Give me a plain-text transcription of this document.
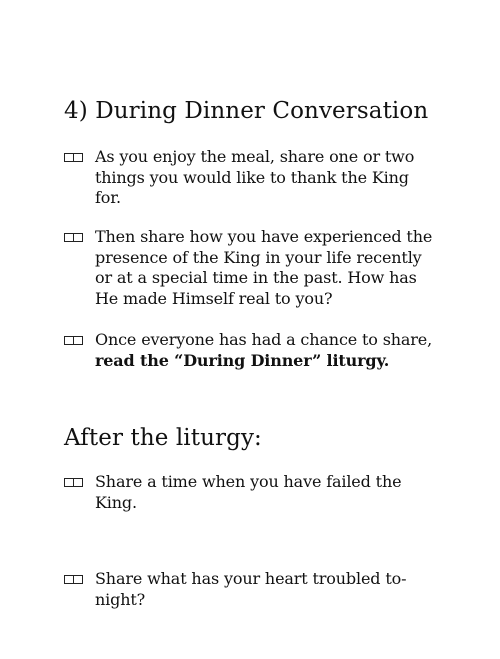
4) During Dinner Conversation

As you enjoy the meal, share one or two
things you would like to thank the King
for.

Then share how you have experienced the
presence of the King in your life recently
or at a special time in the past. How has
He made Himself real to you?

Once everyone has had a chance to share,
read the “During Dinner” liturgy.

After the liturgy:

Share a time when you have failed the
King.

Share what has your heart troubled to-
night?
